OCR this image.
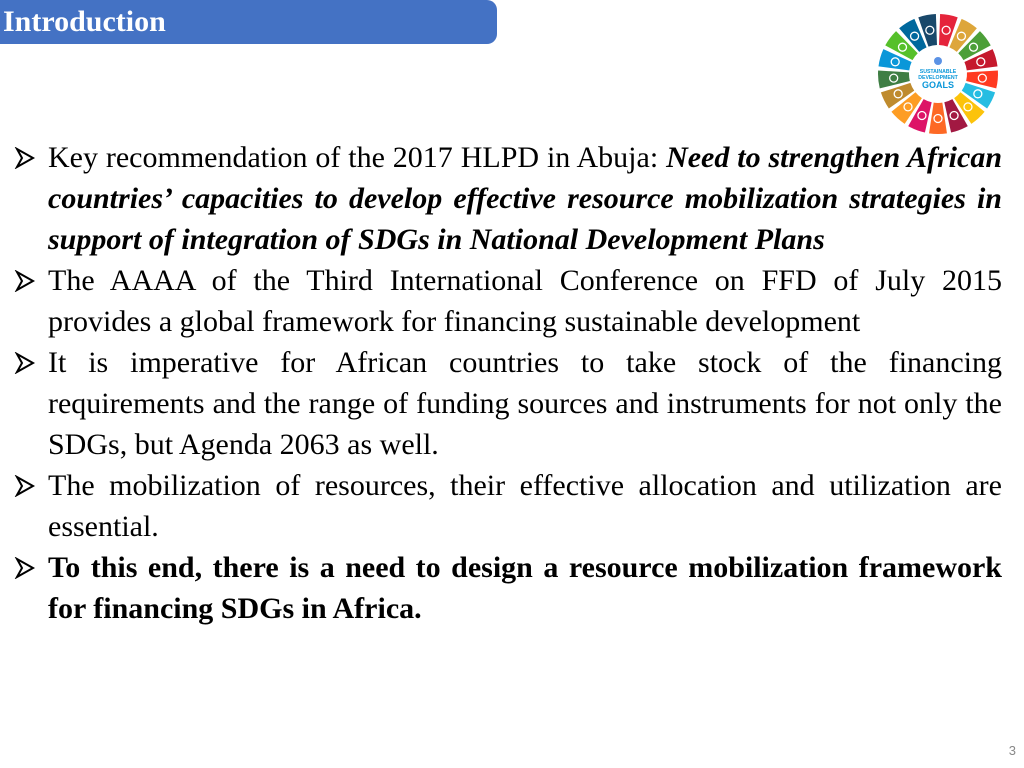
Introduction
SUSTAINABLE
DEVELOPMENT
GOALS
Key recommendation of the 2017 HLPD in Abuja: Need to strengthen African countries’ capacities to develop effective resource mobilization strategies in support of integration of SDGs in National Development Plans
The AAAA of the Third International Conference on FFD of July 2015 provides a global framework for financing sustainable development
It is imperative for African countries to take stock of the financing requirements and the range of funding sources and instruments for not only the SDGs, but Agenda 2063 as well.
The mobilization of resources, their effective allocation and utilization are essential.
To this end, there is a need to design a resource mobilization framework for financing SDGs in Africa.
3
